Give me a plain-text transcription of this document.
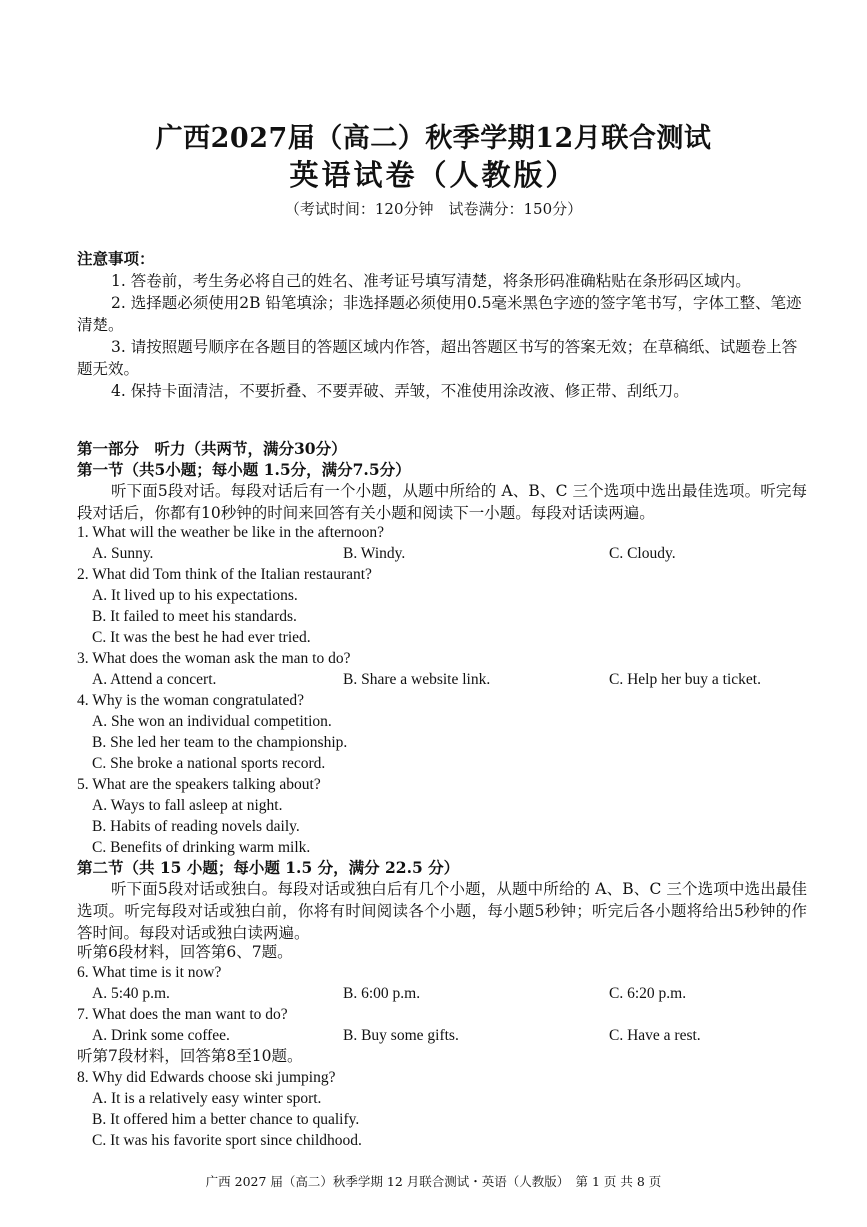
广西2027届（高二）秋季学期12月联合测试
英语试卷（人教版）
（考试时间：120分钟　试卷满分：150分）

注意事项：

1. 答卷前，考生务必将自己的姓名、准考证号填写清楚，将条形码准确粘贴在条形码区域内。

2. 选择题必须使用2B 铅笔填涂；非选择题必须使用0.5毫米黑色字迹的签字笔书写，字体工整、笔迹清楚。

3. 请按照题号顺序在各题目的答题区域内作答，超出答题区书写的答案无效；在草稿纸、试题卷上答题无效。

4. 保持卡面清洁，不要折叠、不要弄破、弄皱，不准使用涂改液、修正带、刮纸刀。

第一部分　听力（共两节，满分30分）
第一节（共5小题；每小题 1.5分，满分7.5分）
听下面5段对话。每段对话后有一个小题，从题中所给的 A、B、C 三个选项中选出最佳选项。听完每段对话后，你都有10秒钟的时间来回答有关小题和阅读下一小题。每段对话读两遍。
1. What will the weather be like in the afternoon?
A. Sunny.	B. Windy.	C. Cloudy.
2. What did Tom think of the Italian restaurant?
A. It lived up to his expectations.
B. It failed to meet his standards.
C. It was the best he had ever tried.
3. What does the woman ask the man to do?
A. Attend a concert.	B. Share a website link.	C. Help her buy a ticket.
4. Why is the woman congratulated?
A. She won an individual competition.
B. She led her team to the championship.
C. She broke a national sports record.
5. What are the speakers talking about?
A. Ways to fall asleep at night.
B. Habits of reading novels daily.
C. Benefits of drinking warm milk.
第二节（共 15 小题；每小题 1.5 分，满分 22.5 分）
听下面5段对话或独白。每段对话或独白后有几个小题，从题中所给的 A、B、C 三个选项中选出最佳选项。听完每段对话或独白前，你将有时间阅读各个小题，每小题5秒钟；听完后各小题将给出5秒钟的作答时间。每段对话或独白读两遍。
听第6段材料，回答第6、7题。
6. What time is it now?
A. 5:40 p.m.	B. 6:00 p.m.	C. 6:20 p.m.
7. What does the man want to do?
A. Drink some coffee.	B. Buy some gifts.	C. Have a rest.
听第7段材料，回答第8至10题。
8. Why did Edwards choose ski jumping?
A. It is a relatively easy winter sport.
B. It offered him a better chance to qualify.
C. It was his favorite sport since childhood.
广西 2027 届（高二）秋季学期 12 月联合测试・英语（人教版）　第 1 页 共 8 页
